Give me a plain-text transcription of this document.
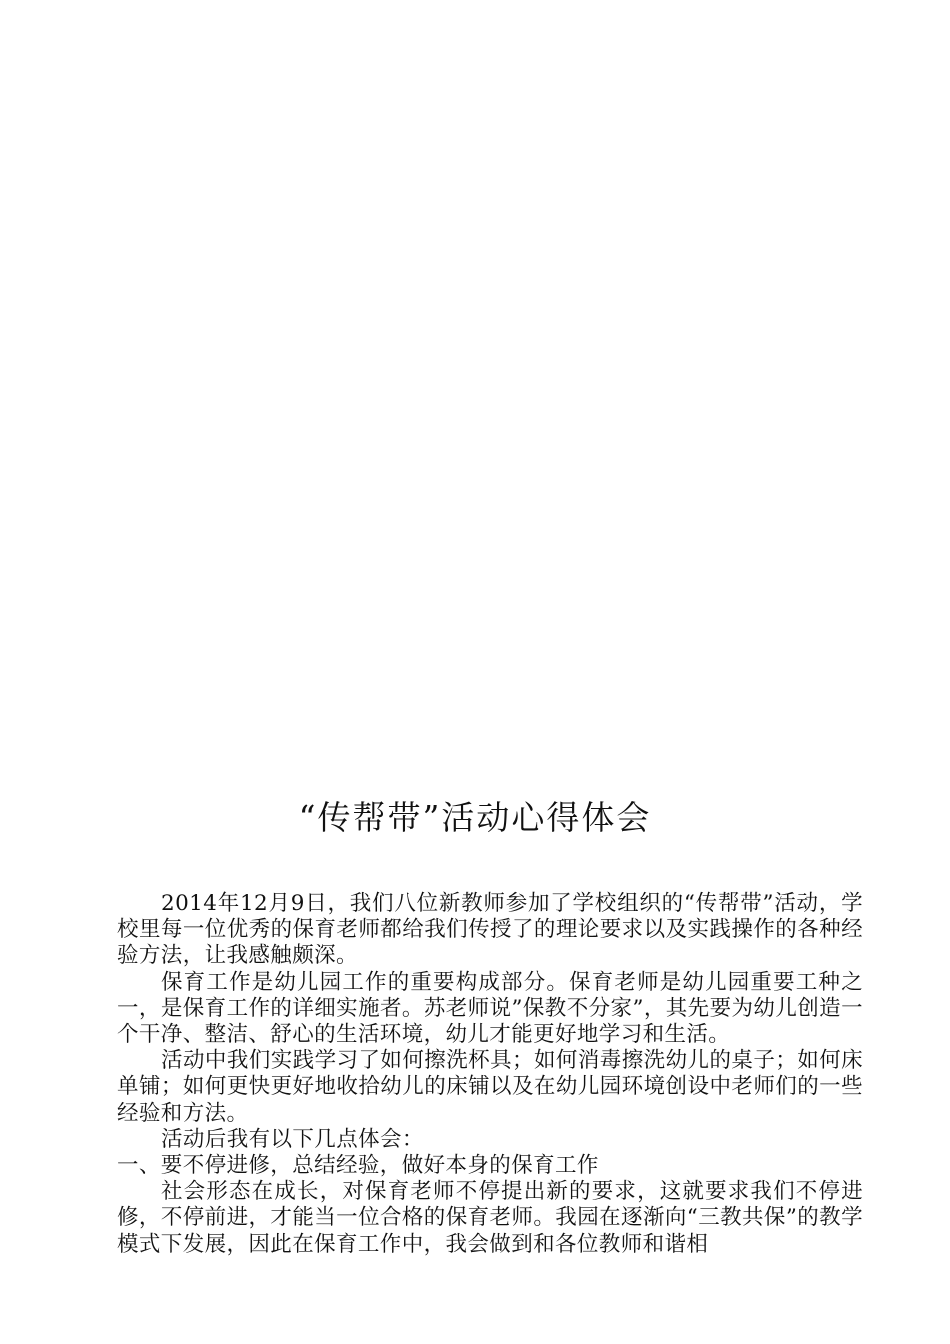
“传帮带”活动心得体会

2014年12月9日，我们八位新教师参加了学校组织的“传帮带”活动，学校里每一位优秀的保育老师都给我们传授了的理论要求以及实践操作的各种经验方法，让我感触颇深。

保育工作是幼儿园工作的重要构成部分。保育老师是幼儿园重要工种之一，是保育工作的详细实施者。苏老师说”保教不分家”，其先要为幼儿创造一个干净、整洁、舒心的生活环境，幼儿才能更好地学习和生活。

活动中我们实践学习了如何擦洗杯具；如何消毒擦洗幼儿的桌子；如何床单铺；如何更快更好地收拾幼儿的床铺以及在幼儿园环境创设中老师们的一些经验和方法。

活动后我有以下几点体会：

一、要不停进修，总结经验，做好本身的保育工作

社会形态在成长，对保育老师不停提出新的要求，这就要求我们不停进修，不停前进，才能当一位合格的保育老师。我园在逐渐向“三教共保”的教学模式下发展，因此在保育工作中，我会做到和各位教师和谐相
